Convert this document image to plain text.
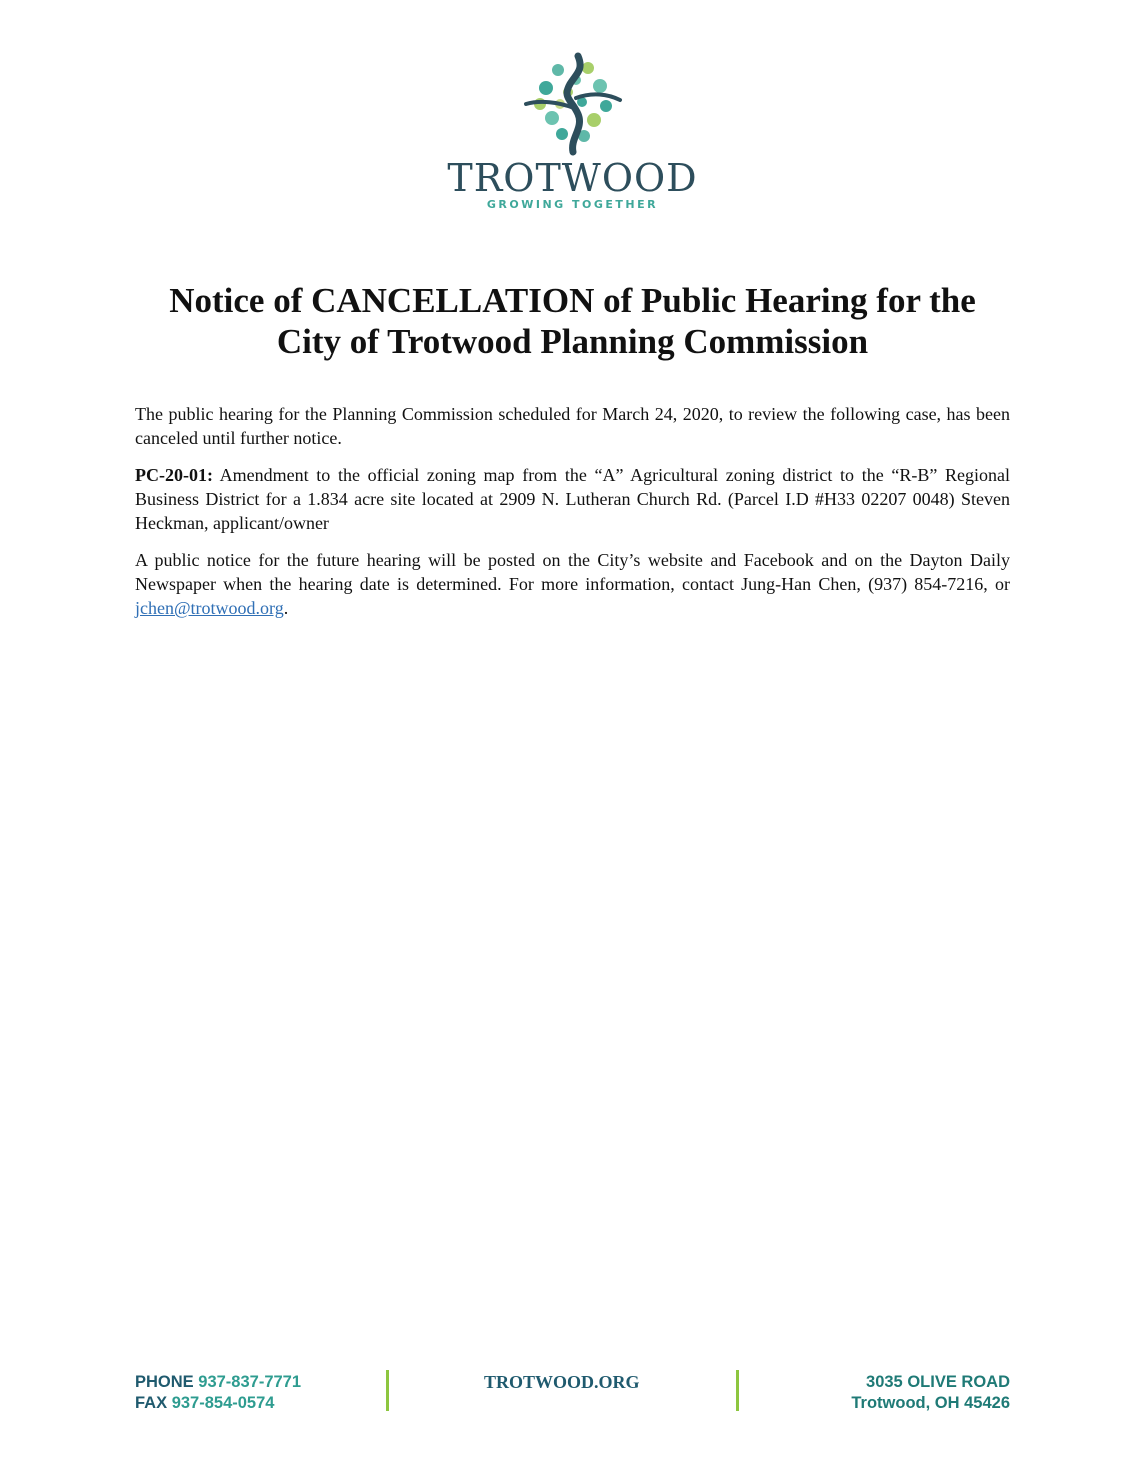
TROTWOOD
GROWING TOGETHER
Notice of CANCELLATION of Public Hearing for the
City of Trotwood Planning Commission

The public hearing for the Planning Commission scheduled for March 24, 2020, to review the following case, has been canceled until further notice.

PC-20-01: Amendment to the official zoning map from the “A” Agricultural zoning district to the “R-B” Regional Business District for a 1.834 acre site located at 2909 N. Lutheran Church Rd. (Parcel I.D #H33 02207 0048) Steven Heckman, applicant/owner

A public notice for the future hearing will be posted on the City’s website and Facebook and on the Dayton Daily Newspaper when the hearing date is determined. For more information, contact Jung-Han Chen, (937) 854-7216, or jchen@trotwood.org.

PHONE 937-837-7771
FAX 937-854-0574
TROTWOOD.ORG	3035 OLIVE ROAD
Trotwood, OH 45426
